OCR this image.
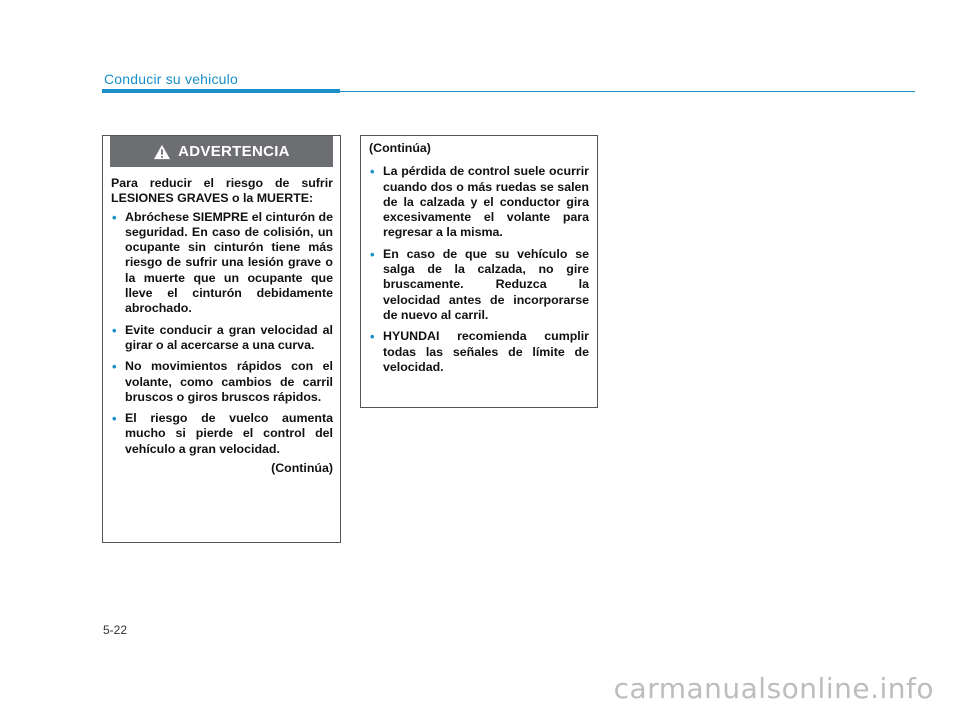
Conducir su vehiculo
ADVERTENCIA

Para reducir el riesgo de sufrir LESIONES GRAVES o la MUERTE:

• Abróchese SIEMPRE el cinturón de seguridad. En caso de colisión, un ocupante sin cinturón tiene más riesgo de sufrir una lesión grave o la muerte que un ocupante que lleve el cinturón debidamente abrochado.
• Evite conducir a gran velocidad al girar o al acercarse a una curva.
• No movimientos rápidos con el volante, como cambios de carril bruscos o giros bruscos rápidos.
• El riesgo de vuelco aumenta mucho si pierde el control del vehículo a gran velocidad.
(Continúa)

(Continúa)

• La pérdida de control suele ocurrir cuando dos o más ruedas se salen de la calzada y el conductor gira excesivamente el volante para regresar a la misma.
• En caso de que su vehículo se salga de la calzada, no gire bruscamente. Reduzca la velocidad antes de incorporarse de nuevo al carril.
• HYUNDAI recomienda cumplir todas las señales de límite de velocidad.
5-22
carmanualsonline.info
